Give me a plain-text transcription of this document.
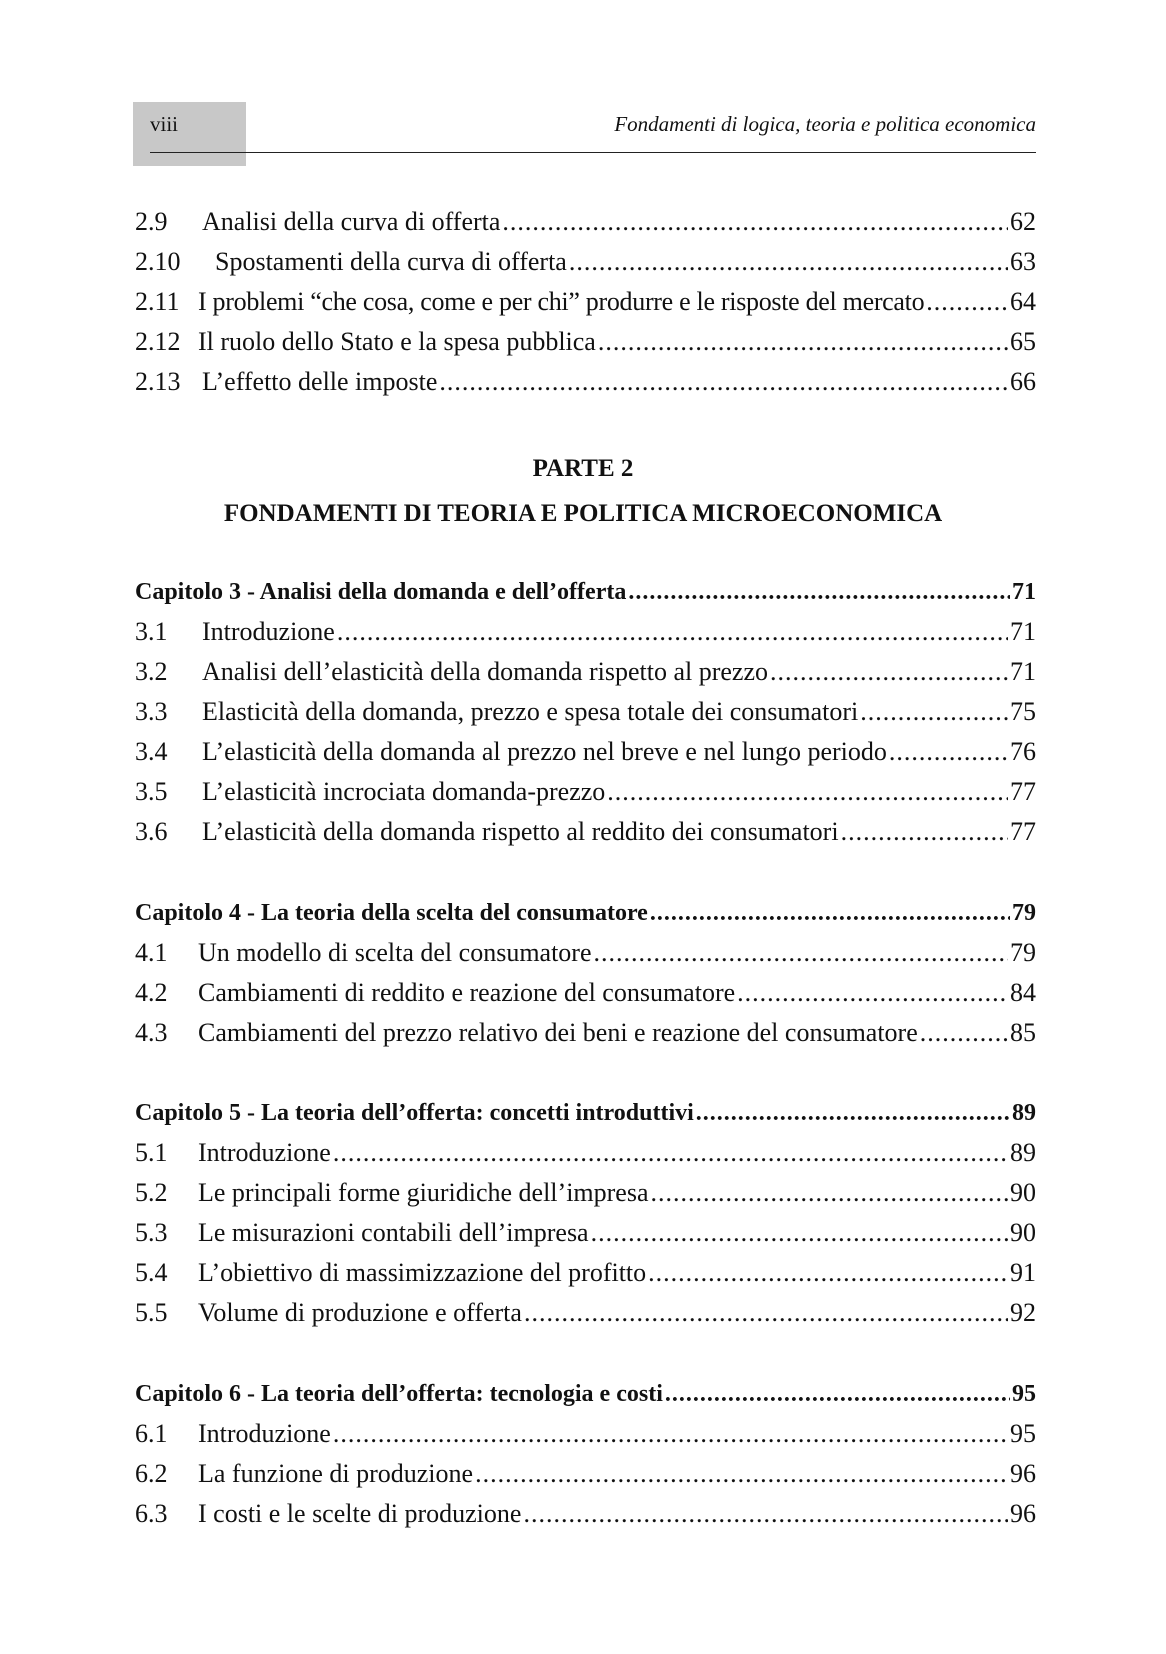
viii	Fondamenti di logica, teoria e politica economica
2.9	Analisi della curva di offerta .....	62
2.10	Spostamenti della curva di offerta .....	63
2.11 I problemi “che cosa, come e per chi” produrre e le risposte del mercato .....	64
2.12 Il ruolo dello Stato e la spesa pubblica .....	65
2.13 L’effetto delle imposte .....	66
PARTE 2
FONDAMENTI DI TEORIA E POLITICA MICROECONOMICA
Capitolo 3 - Analisi della domanda e dell’offerta .....	71
3.1	Introduzione .....	71
3.2	Analisi dell’elasticità della domanda rispetto al prezzo .....	71
3.3	Elasticità della domanda, prezzo e spesa totale dei consumatori .....	75
3.4	L’elasticità della domanda al prezzo nel breve e nel lungo periodo .....	76
3.5	L’elasticità incrociata domanda-prezzo .....	77
3.6	L’elasticità della domanda rispetto al reddito dei consumatori .....	77
Capitolo 4 - La teoria della scelta del consumatore .....	79
4.1	Un modello di scelta del consumatore .....	79
4.2	Cambiamenti di reddito e reazione del consumatore .....	84
4.3	Cambiamenti del prezzo relativo dei beni e reazione del consumatore .....	85
Capitolo 5 - La teoria dell’offerta: concetti introduttivi .....	89
5.1	Introduzione .....	89
5.2	Le principali forme giuridiche dell’impresa .....	90
5.3	Le misurazioni contabili dell’impresa .....	90
5.4	L’obiettivo di massimizzazione del profitto .....	91
5.5	Volume di produzione e offerta .....	92
Capitolo 6 - La teoria dell’offerta: tecnologia e costi .....	95
6.1	Introduzione .....	95
6.2	La funzione di produzione .....	96
6.3	I costi e le scelte di produzione .....	96
